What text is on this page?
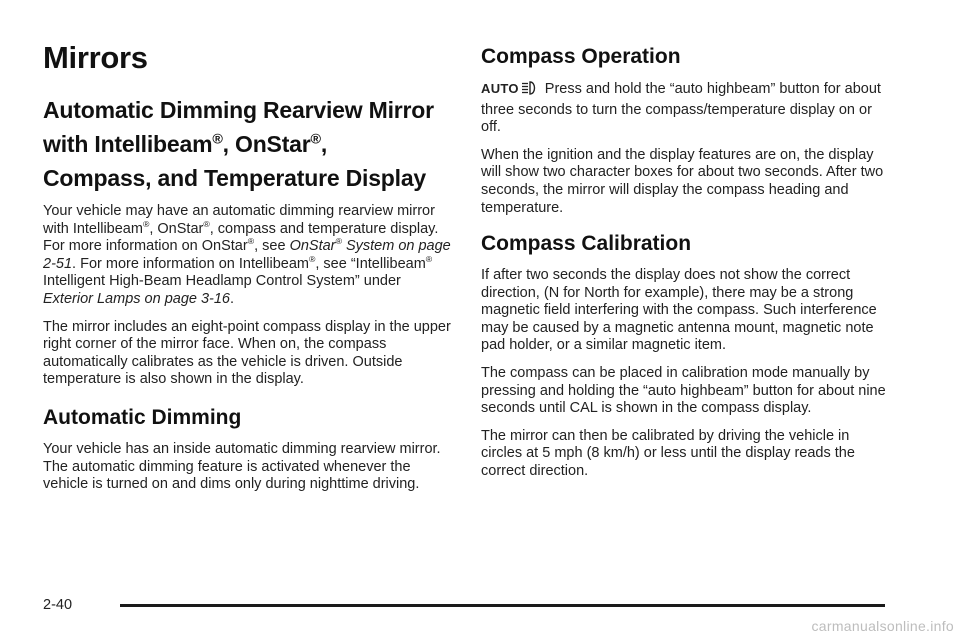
Mirrors
Automatic Dimming Rearview Mirror
with Intellibeam®, OnStar®,
Compass, and Temperature Display

Your vehicle may have an automatic dimming rearview mirror with Intellibeam®, OnStar®, compass and temperature display. For more information on OnStar®, see OnStar® System on page 2-51. For more information on Intellibeam®, see “Intellibeam® Intelligent High-Beam Headlamp Control System” under Exterior Lamps on page 3-16.

The mirror includes an eight-point compass display in the upper right corner of the mirror face. When on, the compass automatically calibrates as the vehicle is driven. Outside temperature is also shown in the display.

Automatic Dimming

Your vehicle has an inside automatic dimming rearview mirror. The automatic dimming feature is activated whenever the vehicle is turned on and dims only during nighttime driving.

Compass Operation

AUTO Press and hold the “auto highbeam” button for about three seconds to turn the compass/temperature display on or off.

When the ignition and the display features are on, the display will show two character boxes for about two seconds. After two seconds, the mirror will display the compass heading and temperature.

Compass Calibration

If after two seconds the display does not show the correct direction, (N for North for example), there may be a strong magnetic field interfering with the compass. Such interference may be caused by a magnetic antenna mount, magnetic note pad holder, or a similar magnetic item.

The compass can be placed in calibration mode manually by pressing and holding the “auto highbeam” button for about nine seconds until CAL is shown in the compass display.

The mirror can then be calibrated by driving the vehicle in circles at 5 mph (8 km/h) or less until the display reads the correct direction.

2-40
carmanualsonline.info
